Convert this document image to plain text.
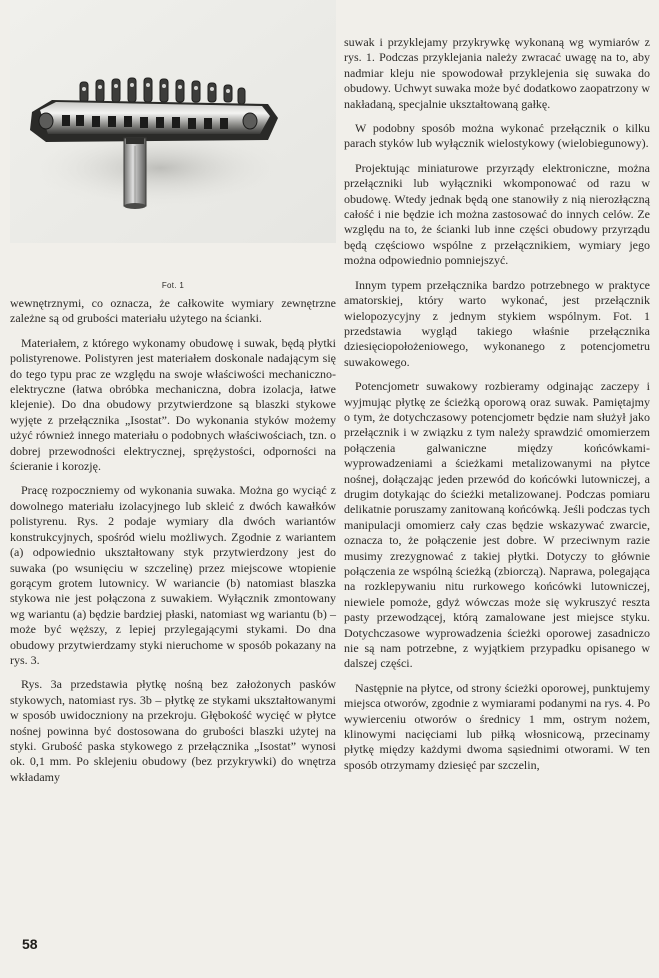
Fot. 1

wewnętrznymi, co oznacza, że całkowite wymiary zewnętrzne zależne są od grubości materiału użytego na ścianki.

Materiałem, z którego wykonamy obudowę i suwak, będą płytki polistyrenowe. Polistyren jest materiałem doskonale nadającym się do tego typu prac ze względu na swoje właściwości mechaniczno-elektryczne (łatwa obróbka mechaniczna, dobra izolacja, łatwe klejenie). Do dna obudowy przytwierdzone są blaszki stykowe wyjęte z przełącznika „Isostat”. Do wykonania styków możemy użyć również innego materiału o podobnych właściwościach, tzn. o dobrej przewodności elektrycznej, sprężystości, odporności na ścieranie i korozję.

Pracę rozpoczniemy od wykonania suwaka. Można go wyciąć z dowolnego materiału izolacyjnego lub skleić z dwóch kawałków polistyrenu. Rys. 2 podaje wymiary dla dwóch wariantów konstrukcyjnych, spośród wielu możliwych. Zgodnie z wariantem (a) odpowiednio ukształtowany styk przytwierdzony jest do suwaka (po wsunięciu w szczelinę) przez miejscowe wtopienie gorącym grotem lutownicy. W wariancie (b) natomiast blaszka stykowa nie jest połączona z suwakiem. Wyłącznik zmontowany wg wariantu (a) będzie bardziej płaski, natomiast wg wariantu (b) – może być węższy, z lepiej przylegającymi stykami. Do dna obudowy przytwierdzamy styki nieruchome w sposób pokazany na rys. 3.

Rys. 3a przedstawia płytkę nośną bez założonych pasków stykowych, natomiast rys. 3b – płytkę ze stykami ukształtowanymi w sposób uwidoczniony na przekroju. Głębokość wycięć w płytce nośnej powinna być dostosowana do grubości blaszki użytej na styki. Grubość paska stykowego z przełącznika „Isostat” wynosi ok. 0,1 mm. Po sklejeniu obudowy (bez przykrywki) do wnętrza wkładamy

suwak i przyklejamy przykrywkę wykonaną wg wymiarów z rys. 1. Podczas przyklejania należy zwracać uwagę na to, aby nadmiar kleju nie spowodował przyklejenia się suwaka do obudowy. Uchwyt suwaka może być dodatkowo zaopatrzony w nakładaną, specjalnie ukształtowaną gałkę.

W podobny sposób można wykonać przełącznik o kilku parach styków lub wyłącznik wielostykowy (wielobiegunowy).

Projektując miniaturowe przyrządy elektroniczne, można przełączniki lub wyłączniki wkomponować od razu w obudowę. Wtedy jednak będą one stanowiły z nią nierozłączną całość i nie będzie ich można zastosować do innych celów. Ze względu na to, że ścianki lub inne części obudowy przyrządu będą częściowo wspólne z przełącznikiem, wymiary jego można odpowiednio pomniejszyć.

Innym typem przełącznika bardzo potrzebnego w praktyce amatorskiej, który warto wykonać, jest przełącznik wielopozycyjny z jednym stykiem wspólnym. Fot. 1 przedstawia wygląd takiego właśnie przełącznika dziesięciopołożeniowego, wykonanego z potencjometru suwakowego.

Potencjometr suwakowy rozbieramy odginając zaczepy i wyjmując płytkę ze ścieżką oporową oraz suwak. Pamiętajmy o tym, że dotychczasowy potencjometr będzie nam służył jako przełącznik i w związku z tym należy sprawdzić omomierzem połączenia galwaniczne między końcówkami-wyprowadzeniami a ścieżkami metalizowanymi na płytce nośnej, dołączając jeden przewód do końcówki lutowniczej, a drugim dotykając do ścieżki metalizowanej. Podczas pomiaru delikatnie poruszamy zanitowaną końcówką. Jeśli podczas tych manipulacji omomierz cały czas będzie wskazywać zwarcie, oznacza to, że połączenie jest dobre. W przeciwnym razie musimy zrezygnować z takiej płytki. Dotyczy to głównie połączenia ze wspólną ścieżką (zbiorczą). Naprawa, polegająca na rozklepywaniu nitu rurkowego końcówki lutowniczej, niewiele pomoże, gdyż wówczas może się wykruszyć reszta pasty przewodzącej, którą zamalowane jest miejsce styku. Dotychczasowe wyprowadzenia ścieżki oporowej zasadniczo nie są nam potrzebne, z wyjątkiem przypadku opisanego w dalszej części.

Następnie na płytce, od strony ścieżki oporowej, punktujemy miejsca otworów, zgodnie z wymiarami podanymi na rys. 4. Po wywierceniu otworów o średnicy 1 mm, ostrym nożem, klinowymi nacięciami lub piłką włosnicową, przecinamy płytkę między każdymi dwoma sąsiednimi otworami. W ten sposób otrzymamy dziesięć par szczelin,

58
